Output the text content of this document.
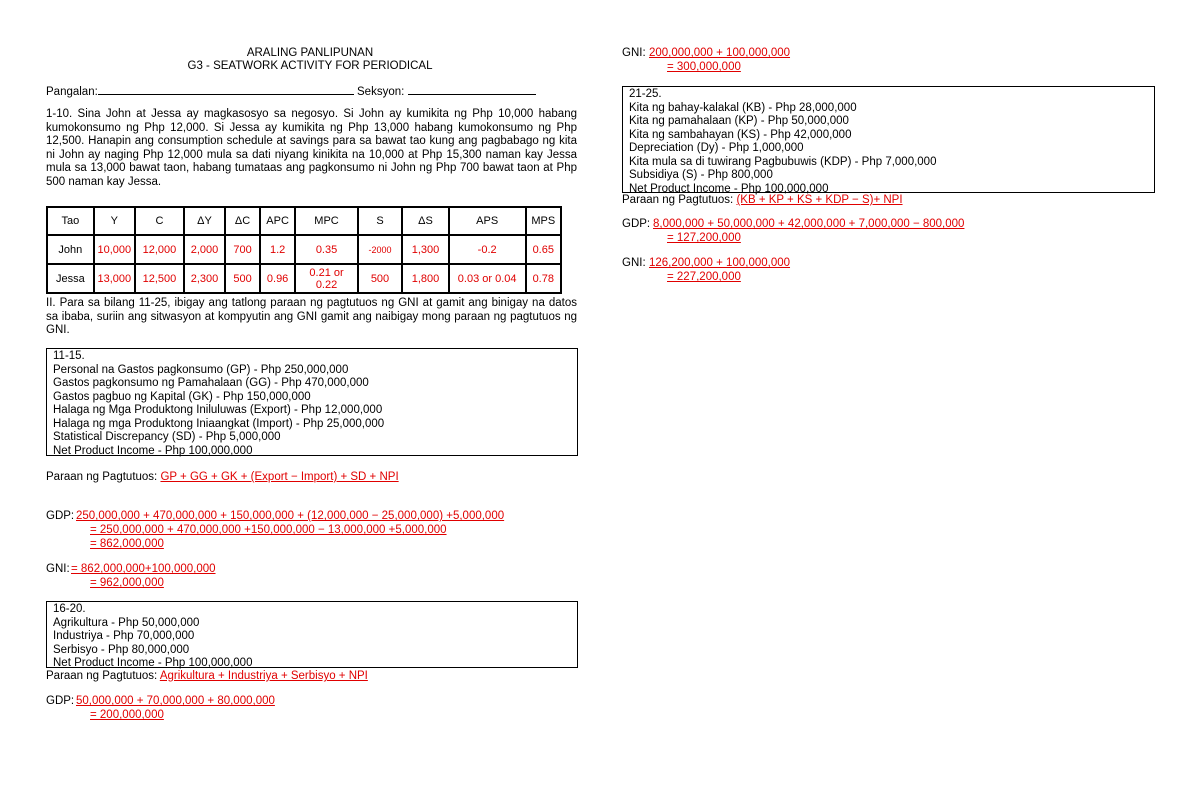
ARALING PANLIPUNAN
G3 - SEATWORK ACTIVITY FOR PERIODICAL
Pangalan:	Seksyon:
1-10. Sina John at Jessa ay magkasosyo sa negosyo. Si John ay kumikita ng Php 10,000 habang kumokonsumo ng Php 12,000. Si Jessa ay kumikita ng Php 13,000 habang kumokonsumo ng Php 12,500. Hanapin ang consumption schedule at savings para sa bawat tao kung ang pagbabago ng kita ni John ay naging Php 12,000 mula sa dati niyang kinikita na 10,000 at Php 15,300 naman kay Jessa mula sa 13,000 bawat taon, habang tumataas ang pagkonsumo ni John ng Php 700 bawat taon at Php 500 naman kay Jessa.
Tao	Y	C	ΔY	ΔC	APC	MPC	S	ΔS	APS	MPS
John	10,000	12,000	2,000	700	1.2	0.35	-2000	1,300	-0.2	0.65
Jessa	13,000	12,500	2,300	500	0.96	0.21 or 0.22	500	1,800	0.03 or 0.04	0.78
II. Para sa bilang 11-25, ibigay ang tatlong paraan ng pagtutuos ng GNI at gamit ang binigay na datos sa ibaba, suriin ang sitwasyon at kompyutin ang GNI gamit ang naibigay mong paraan ng pagtutuos ng GNI.
11-15.
Personal na Gastos pagkonsumo (GP) - Php 250,000,000
Gastos pagkonsumo ng Pamahalaan (GG) - Php 470,000,000
Gastos pagbuo ng Kapital (GK) - Php 150,000,000
Halaga ng Mga Produktong Iniluluwas (Export) - Php 12,000,000
Halaga ng mga Produktong Iniaangkat (Import) - Php 25,000,000
Statistical Discrepancy (SD) - Php 5,000,000
Net Product Income - Php 100,000,000
Paraan ng Pagtutuos: GP + GG + GK + (Export − Import) + SD + NPI
GDP: 250,000,000 + 470,000,000 + 150,000,000 + (12,000,000 − 25,000,000) +5,000,000
= 250,000,000 + 470,000,000 +150,000,000 − 13,000,000 +5,000,000
= 862,000,000
GNI: = 862,000,000+100,000,000
= 962,000,000
16-20.
Agrikultura - Php 50,000,000
Industriya - Php 70,000,000
Serbisyo - Php 80,000,000
Net Product Income - Php 100,000,000
Paraan ng Pagtutuos: Agrikultura + Industriya + Serbisyo + NPI
GDP: 50,000,000 + 70,000,000 + 80,000,000
= 200,000,000
GNI: 200,000,000 + 100,000,000
= 300,000,000
21-25.
Kita ng bahay-kalakal (KB) - Php 28,000,000
Kita ng pamahalaan (KP) - Php 50,000,000
Kita ng sambahayan (KS) - Php 42,000,000
Depreciation (Dy) - Php 1,000,000
Kita mula sa di tuwirang Pagbubuwis (KDP) - Php 7,000,000
Subsidiya (S) - Php 800,000
Net Product Income - Php 100,000,000
Paraan ng Pagtutuos: (KB + KP + KS + KDP − S)+ NPI
GDP: 8,000,000 + 50,000,000 + 42,000,000 + 7,000,000 − 800,000
= 127,200,000
GNI: 126,200,000 + 100,000,000
= 227,200,000
